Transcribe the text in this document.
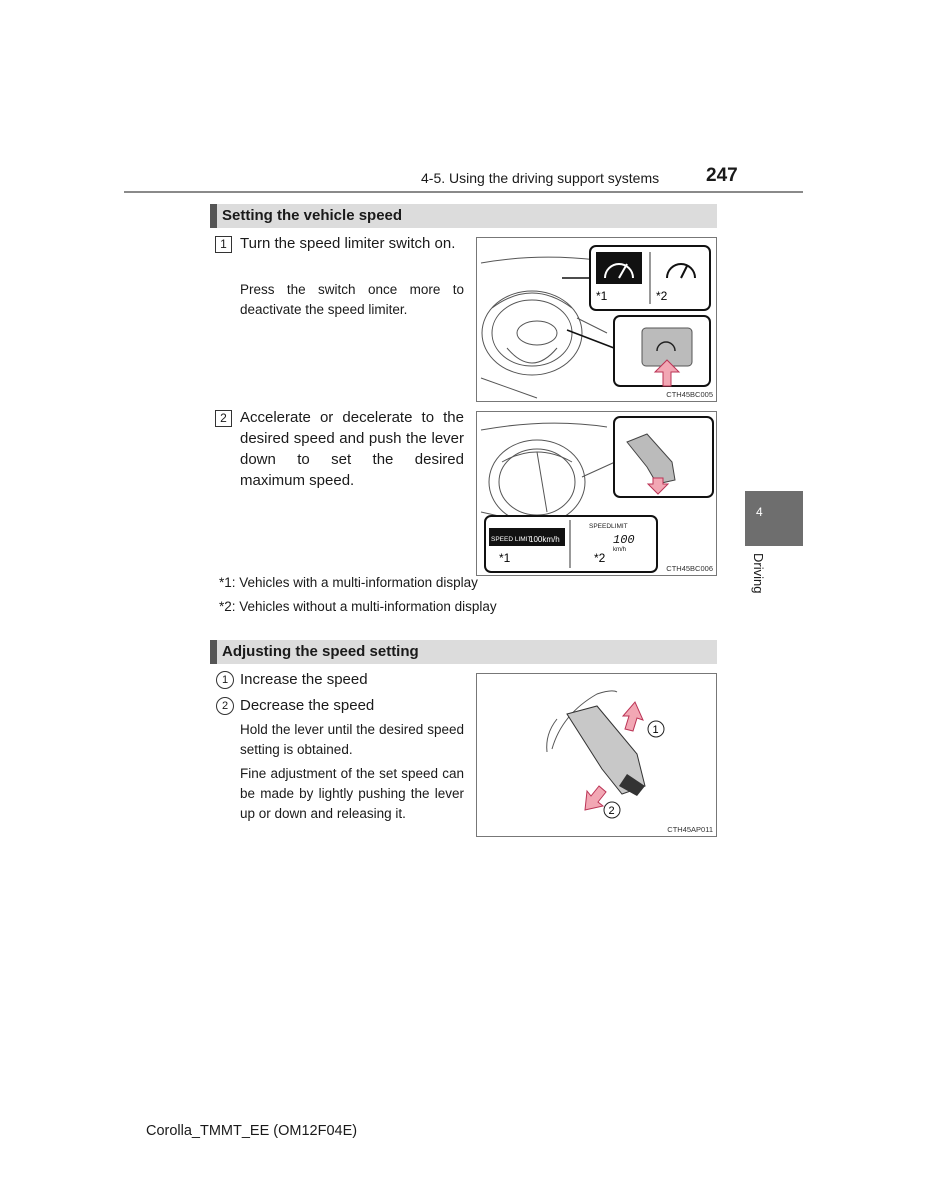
4-5. Using the driving support systems 247
4
Driving
Setting the vehicle speed
1 Turn the speed limiter switch on.
Press the switch once more to deactivate the speed limiter.
2 Accelerate or decelerate to the desired speed and push the lever down to set the desired maximum speed.
*1	*2
CTH45BC005
SPEED LIMIT
100km/h
SPEEDLIMIT
100
km/h
*1	*2
CTH45BC006
*1: Vehicles with a multi-information display
*2: Vehicles without a multi-information display
Adjusting the speed setting
1 Increase the speed
2 Decrease the speed
Hold the lever until the desired speed setting is obtained.
Fine adjustment of the set speed can be made by lightly pushing the lever up or down and releasing it.
1
2
CTH45AP011
Corolla_TMMT_EE (OM12F04E)
